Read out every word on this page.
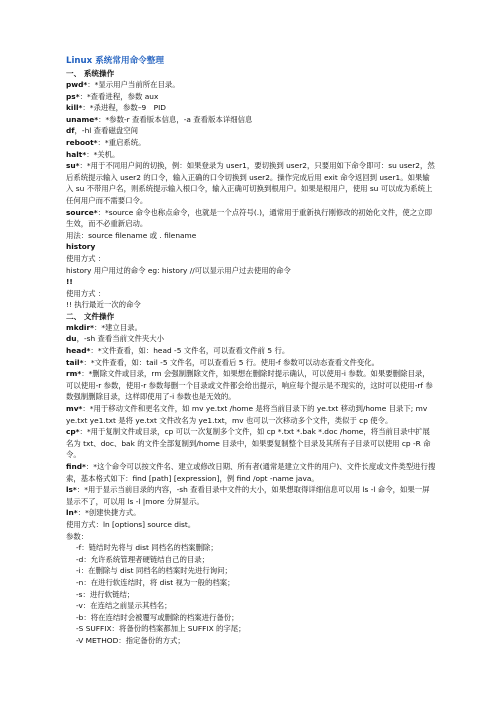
Linux 系统常用命令整理
一、 系统操作
pwd*：*显示用户当前所在目录。
ps*：*查看进程，参数 aux
kill*：*杀进程，参数–9　PID
uname*：*参数-r 查看版本信息，-a 查看版本详细信息
df，-hl 查看磁盘空间
reboot*：*重启系统。
halt*：*关机。
su*：*用于不同用户间的切换，例：如果登录为 user1，要切换到 user2，只要用如下命令即可：su user2，然后系统提示输入 user2 的口令，输入正确的口令切换到 user2。操作完成后用 exit 命令返回到 user1。如果输入 su 不带用户名，则系统提示输入根口令，输入正确可切换到根用户。如果是根用户，使用 su 可以成为系统上任何用户而不需要口令。
source*：*source 命令也称点命令，也就是一个点符号(.)，通常用于重新执行刚修改的初始化文件，使之立即生效，而不必重新启动。
用法：source filename 或 . filename
history
使用方式 ：
history 用户用过的命令 eg: history //可以显示用户过去使用的命令
!!
使用方式 ：
!! 执行最近一次的命令
二、 文件操作
mkdir*：*建立目录。
du，-sh 查看当前文件夹大小
head*：*文件查看，如：head -5 文件名，可以查看文件前 5 行。
tail*：*文件查看，如：tail -5 文件名，可以查看后 5 行。使用-f 参数可以动态查看文件变化。
rm*：*删除文件或目录，rm 会强制删除文件，如果想在删除时提示确认，可以使用-i 参数。如果要删除目录，可以使用-r 参数，使用-r 参数每删一个目录或文件都会给出提示，响应每个提示是不现实的，这时可以使用-rf 参数强制删除目录，这样即使用了-i 参数也是无效的。
mv*：*用于移动文件和更名文件，如 mv ye.txt /home 是将当前目录下的 ye.txt 移动到/home 目录下; mv ye.txt ye1.txt 是将 ye.txt 文件改名为 ye1.txt，mv 也可以一次移动多个文件，类似于 cp 使令。
cp*：*用于复制文件或目录，cp 可以一次复制多个文件，如 cp *.txt *.bak *.doc /home，将当前目录中扩展名为 txt、doc、bak 的文件全部复制到/home 目录中，如果要复制整个目录及其所有子目录可以使用 cp -R 命令。
find*：*这个命令可以按文件名、建立或修改日期、所有者(通常是建立文件的用户)、文件长度或文件类型进行搜索，基本格式如下：find [path] [expression]，例 find /opt -name java。
ls*：*用于显示当前目录的内容，-sh 查看目录中文件的大小，如果想取得详细信息可以用 ls -l 命令，如果一屏显示不了，可以用 ls -l |more 分屏显示。
ln*：*创建快捷方式。
使用方式：ln [options] source dist。
参数：
-f：链结时先将与 dist 同档名的档案删除；
-d：允许系统管理者硬链结自己的目录；
-i：在删除与 dist 同档名的档案时先进行询问；
-n：在进行软连结时，将 dist 视为一般的档案；
-s：进行软链结；
-v：在连结之前显示其档名；
-b：将在连结时会被覆写或删除的档案进行备份；
-S SUFFIX：将备份的档案都加上 SUFFIX 的字尾；
-V METHOD：指定备份的方式；
